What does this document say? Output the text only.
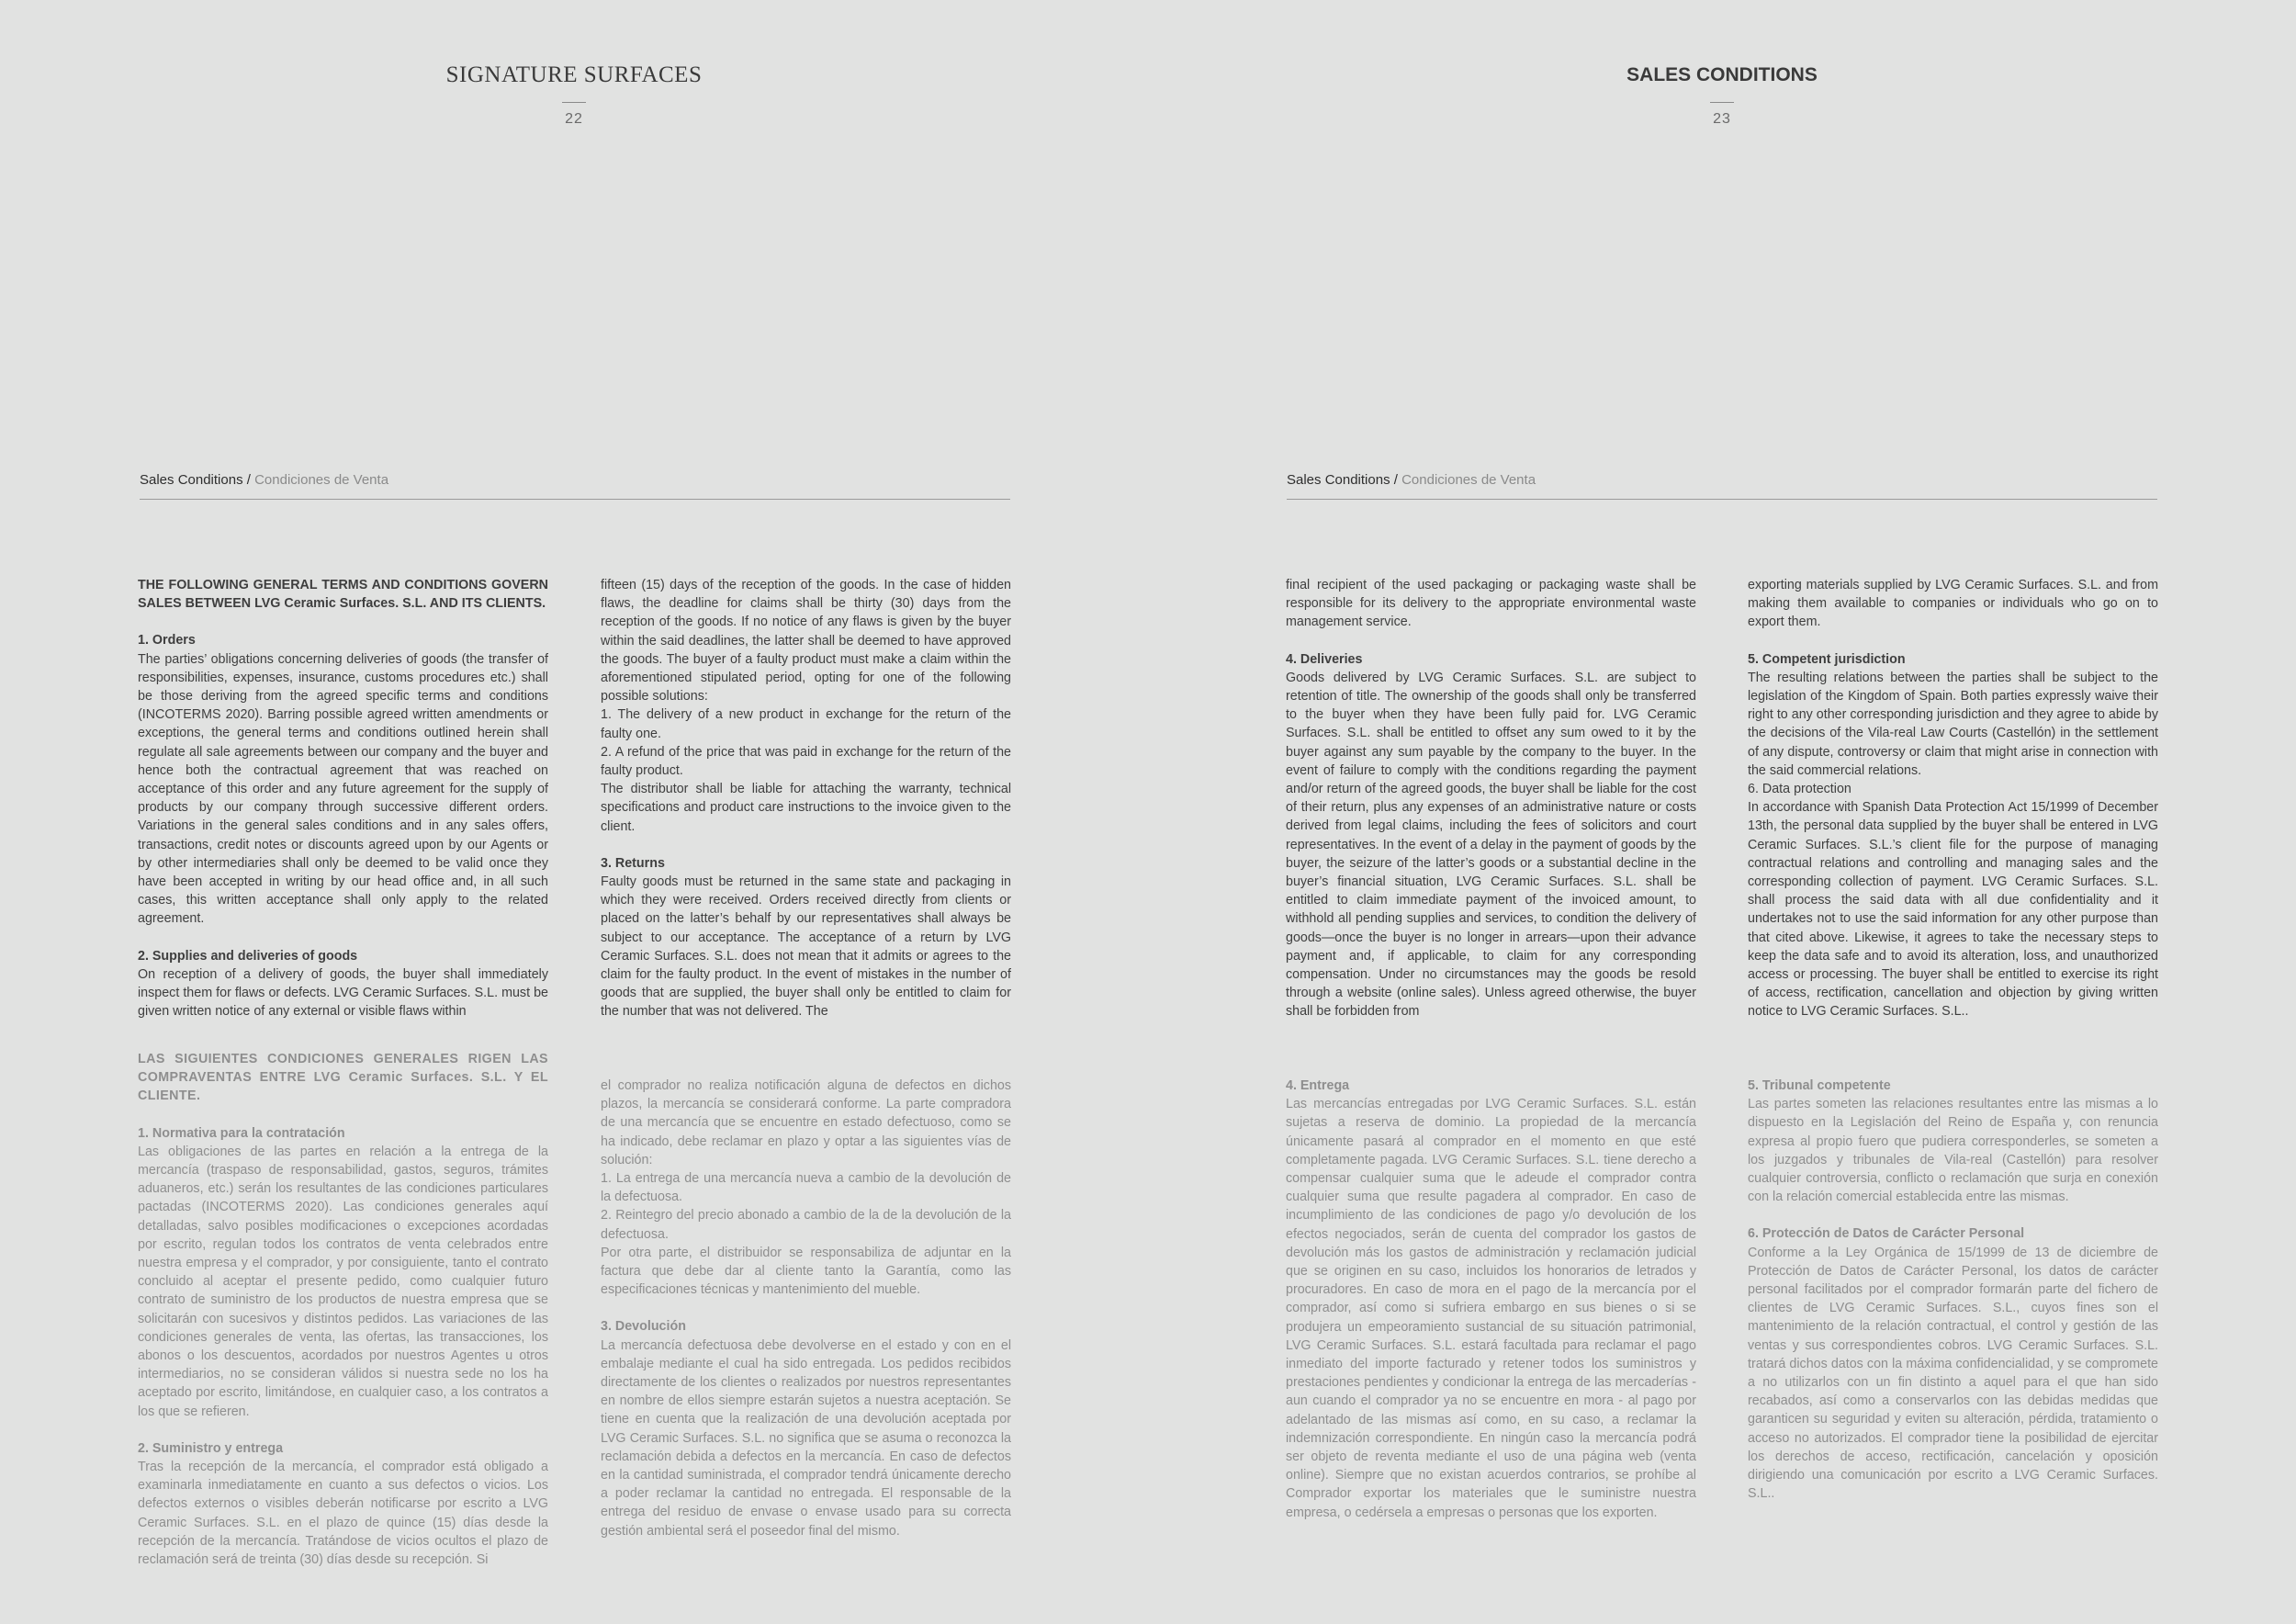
SIGNATURE SURFACES
22
SALES CONDITIONS
23
Sales Conditions / Condiciones de Venta	Sales Conditions / Condiciones de Venta

THE FOLLOWING GENERAL TERMS AND CONDITIONS GOVERN SALES BETWEEN LVG Ceramic Surfaces. S.L. AND ITS CLIENTS.

1. Orders

The parties’ obligations concerning deliveries of goods (the transfer of responsibilities, expenses, insurance, customs procedures etc.) shall be those deriving from the agreed specific terms and conditions (INCOTERMS 2020). Barring possible agreed written amendments or exceptions, the general terms and conditions outlined herein shall regulate all sale agreements between our company and the buyer and hence both the contractual agreement that was reached on acceptance of this order and any future agreement for the supply of products by our company through successive different orders. Variations in the general sales conditions and in any sales offers, transactions, credit notes or discounts agreed upon by our Agents or by other intermediaries shall only be deemed to be valid once they have been accepted in writing by our head office and, in all such cases, this written acceptance shall only apply to the related agreement.

2. Supplies and deliveries of goods

On reception of a delivery of goods, the buyer shall immediately inspect them for flaws or defects. LVG Ceramic Surfaces. S.L. must be given written notice of any external or visible flaws within

fifteen (15) days of the reception of the goods. In the case of hidden flaws, the deadline for claims shall be thirty (30) days from the reception of the goods. If no notice of any flaws is given by the buyer within the said deadlines, the latter shall be deemed to have approved the goods. The buyer of a faulty product must make a claim within the aforementioned stipulated period, opting for one of the following possible solutions:

1. The delivery of a new product in exchange for the return of the faulty one.

2. A refund of the price that was paid in exchange for the return of the faulty product.

The distributor shall be liable for attaching the warranty, technical specifications and product care instructions to the invoice given to the client.

3. Returns

Faulty goods must be returned in the same state and packaging in which they were received. Orders received directly from clients or placed on the latter’s behalf by our representatives shall always be subject to our acceptance. The acceptance of a return by LVG Ceramic Surfaces. S.L. does not mean that it admits or agrees to the claim for the faulty product. In the event of mistakes in the number of goods that are supplied, the buyer shall only be entitled to claim for the number that was not delivered. The

final recipient of the used packaging or packaging waste shall be responsible for its delivery to the appropriate environmental waste management service.

4. Deliveries

Goods delivered by LVG Ceramic Surfaces. S.L. are subject to retention of title. The ownership of the goods shall only be transferred to the buyer when they have been fully paid for. LVG Ceramic Surfaces. S.L. shall be entitled to offset any sum owed to it by the buyer against any sum payable by the company to the buyer. In the event of failure to comply with the conditions regarding the payment and/or return of the agreed goods, the buyer shall be liable for the cost of their return, plus any expenses of an administrative nature or costs derived from legal claims, including the fees of solicitors and court representatives. In the event of a delay in the payment of goods by the buyer, the seizure of the latter’s goods or a substantial decline in the buyer’s financial situation, LVG Ceramic Surfaces. S.L. shall be entitled to claim immediate payment of the invoiced amount, to withhold all pending supplies and services, to condition the delivery of goods—once the buyer is no longer in arrears—upon their advance payment and, if applicable, to claim for any corresponding compensation. Under no circumstances may the goods be resold through a website (online sales). Unless agreed otherwise, the buyer shall be forbidden from

exporting materials supplied by LVG Ceramic Surfaces. S.L. and from making them available to companies or individuals who go on to export them.

5. Competent jurisdiction

The resulting relations between the parties shall be subject to the legislation of the Kingdom of Spain. Both parties expressly waive their right to any other corresponding jurisdiction and they agree to abide by the decisions of the Vila-real Law Courts (Castellón) in the settlement of any dispute, controversy or claim that might arise in connection with the said commercial relations.

6. Data protection

In accordance with Spanish Data Protection Act 15/1999 of December 13th, the personal data supplied by the buyer shall be entered in LVG Ceramic Surfaces. S.L.’s client file for the purpose of managing contractual relations and controlling and managing sales and the corresponding collection of payment. LVG Ceramic Surfaces. S.L. shall process the said data with all due confidentiality and it undertakes not to use the said information for any other purpose than that cited above. Likewise, it agrees to take the necessary steps to keep the data safe and to avoid its alteration, loss, and unauthorized access or processing. The buyer shall be entitled to exercise its right of access, rectification, cancellation and objection by giving written notice to LVG Ceramic Surfaces. S.L..

LAS SIGUIENTES CONDICIONES GENERALES RIGEN LAS COMPRAVENTAS ENTRE LVG Ceramic Surfaces. S.L. Y EL CLIENTE.

1. Normativa para la contratación

Las obligaciones de las partes en relación a la entrega de la mercancía (traspaso de responsabilidad, gastos, seguros, trámites aduaneros, etc.) serán los resultantes de las condiciones particulares pactadas (INCOTERMS 2020). Las condiciones generales aquí detalladas, salvo posibles modificaciones o excepciones acordadas por escrito, regulan todos los contratos de venta celebrados entre nuestra empresa y el comprador, y por consiguiente, tanto el contrato concluido al aceptar el presente pedido, como cualquier futuro contrato de suministro de los productos de nuestra empresa que se solicitarán con sucesivos y distintos pedidos. Las variaciones de las condiciones generales de venta, las ofertas, las transacciones, los abonos o los descuentos, acordados por nuestros Agentes u otros intermediarios, no se consideran válidos si nuestra sede no los ha aceptado por escrito, limitándose, en cualquier caso, a los contratos a los que se refieren.

2. Suministro y entrega

Tras la recepción de la mercancía, el comprador está obligado a examinarla inmediatamente en cuanto a sus defectos o vicios. Los defectos externos o visibles deberán notificarse por escrito a LVG Ceramic Surfaces. S.L. en el plazo de quince (15) días desde la recepción de la mercancía. Tratándose de vicios ocultos el plazo de reclamación será de treinta (30) días desde su recepción. Si

el comprador no realiza notificación alguna de defectos en dichos plazos, la mercancía se considerará conforme. La parte compradora de una mercancía que se encuentre en estado defectuoso, como se ha indicado, debe reclamar en plazo y optar a las siguientes vías de solución:

1. La entrega de una mercancía nueva a cambio de la devolución de la defectuosa.

2. Reintegro del precio abonado a cambio de la de la devolución de la defectuosa.

Por otra parte, el distribuidor se responsabiliza de adjuntar en la factura que debe dar al cliente tanto la Garantía, como las especificaciones técnicas y mantenimiento del mueble.

3. Devolución

La mercancía defectuosa debe devolverse en el estado y con en el embalaje mediante el cual ha sido entregada. Los pedidos recibidos directamente de los clientes o realizados por nuestros representantes en nombre de ellos siempre estarán sujetos a nuestra aceptación. Se tiene en cuenta que la realización de una devolución aceptada por LVG Ceramic Surfaces. S.L. no significa que se asuma o reconozca la reclamación debida a defectos en la mercancía. En caso de defectos en la cantidad suministrada, el comprador tendrá únicamente derecho a poder reclamar la cantidad no entregada. El responsable de la entrega del residuo de envase o envase usado para su correcta gestión ambiental será el poseedor final del mismo.

4. Entrega

Las mercancías entregadas por LVG Ceramic Surfaces. S.L. están sujetas a reserva de dominio. La propiedad de la mercancía únicamente pasará al comprador en el momento en que esté completamente pagada. LVG Ceramic Surfaces. S.L. tiene derecho a compensar cualquier suma que le adeude el comprador contra cualquier suma que resulte pagadera al comprador. En caso de incumplimiento de las condiciones de pago y/o devolución de los efectos negociados, serán de cuenta del comprador los gastos de devolución más los gastos de administración y reclamación judicial que se originen en su caso, incluidos los honorarios de letrados y procuradores. En caso de mora en el pago de la mercancía por el comprador, así como si sufriera embargo en sus bienes o si se produjera un empeoramiento sustancial de su situación patrimonial, LVG Ceramic Surfaces. S.L. estará facultada para reclamar el pago inmediato del importe facturado y retener todos los suministros y prestaciones pendientes y condicionar la entrega de las mercaderías - aun cuando el comprador ya no se encuentre en mora - al pago por adelantado de las mismas así como, en su caso, a reclamar la indemnización correspondiente. En ningún caso la mercancía podrá ser objeto de reventa mediante el uso de una página web (venta online). Siempre que no existan acuerdos contrarios, se prohíbe al Comprador exportar los materiales que le suministre nuestra empresa, o cedérsela a empresas o personas que los exporten.

5. Tribunal competente

Las partes someten las relaciones resultantes entre las mismas a lo dispuesto en la Legislación del Reino de España y, con renuncia expresa al propio fuero que pudiera corresponderles, se someten a los juzgados y tribunales de Vila-real (Castellón) para resolver cualquier controversia, conflicto o reclamación que surja en conexión con la relación comercial establecida entre las mismas.

6. Protección de Datos de Carácter Personal

Conforme a la Ley Orgánica de 15/1999 de 13 de diciembre de Protección de Datos de Carácter Personal, los datos de carácter personal facilitados por el comprador formarán parte del fichero de clientes de LVG Ceramic Surfaces. S.L., cuyos fines son el mantenimiento de la relación contractual, el control y gestión de las ventas y sus correspondientes cobros. LVG Ceramic Surfaces. S.L. tratará dichos datos con la máxima confidencialidad, y se compromete a no utilizarlos con un fin distinto a aquel para el que han sido recabados, así como a conservarlos con las debidas medidas que garanticen su seguridad y eviten su alteración, pérdida, tratamiento o acceso no autorizados. El comprador tiene la posibilidad de ejercitar los derechos de acceso, rectificación, cancelación y oposición dirigiendo una comunicación por escrito a LVG Ceramic Surfaces. S.L..
